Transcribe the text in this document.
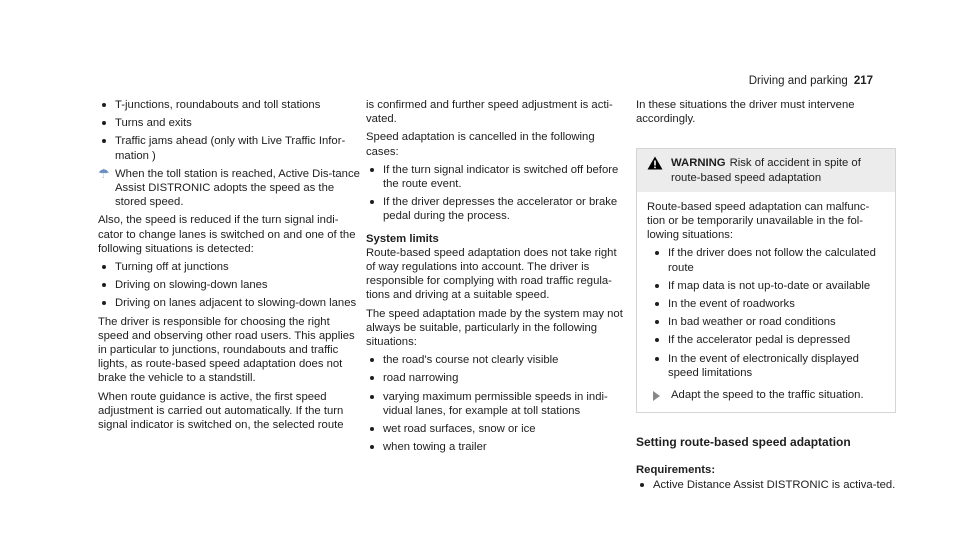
Driving and parking 217
T-junctions, roundabouts and toll stations
Turns and exits
Traffic jams ahead (only with Live Traffic Infor-mation )
☂ When the toll station is reached, Active Dis-tance Assist DISTRONIC adopts the speed as the stored speed.

Also, the speed is reduced if the turn signal indi-cator to change lanes is switched on and one of the following situations is detected:

Turning off at junctions
Driving on slowing-down lanes
Driving on lanes adjacent to slowing-down lanes

The driver is responsible for choosing the right speed and observing other road users. This applies in particular to junctions, roundabouts and traffic lights, as route-based speed adaptation does not brake the vehicle to a standstill.

When route guidance is active, the first speed adjustment is carried out automatically. If the turn signal indicator is switched on, the selected route

is confirmed and further speed adjustment is acti-vated.

Speed adaptation is cancelled in the following cases:

If the turn signal indicator is switched off before the route event.
If the driver depresses the accelerator or brake pedal during the process.
System limits

Route-based speed adaptation does not take right of way regulations into account. The driver is responsible for complying with road traffic regula-tions and driving at a suitable speed.

The speed adaptation made by the system may not always be suitable, particularly in the following situations:

the road's course not clearly visible
road narrowing
varying maximum permissible speeds in indi-vidual lanes, for example at toll stations
wet road surfaces, snow or ice
when towing a trailer

In these situations the driver must intervene accordingly.

WARNING Risk of accident in spite of route-based speed adaptation

Route-based speed adaptation can malfunc-tion or be temporarily unavailable in the fol-lowing situations:

If the driver does not follow the calculated route
If map data is not up-to-date or available
In the event of roadworks
In bad weather or road conditions
If the accelerator pedal is depressed
In the event of electronically displayed speed limitations
Adapt the speed to the traffic situation.
Setting route-based speed adaptation
Requirements:
Active Distance Assist DISTRONIC is activa-ted.
